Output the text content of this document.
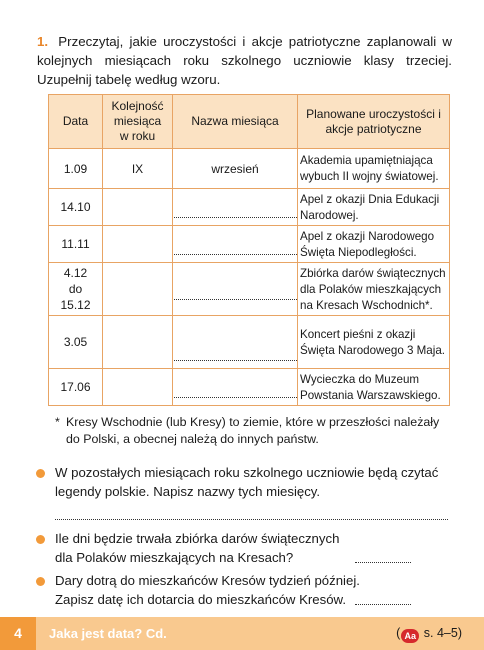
1. Przeczytaj, jakie uroczystości i akcje patriotyczne zaplanowali w kolejnych miesiącach roku szkolnego uczniowie klasy trzeciej. Uzupełnij tabelę według wzoru.
Data	Kolejność miesiąca w roku	Nazwa miesiąca	Planowane uroczystości i akcje patriotyczne
1.09	IX	wrzesień	Akademia upamiętniająca wybuch II wojny światowej.
14.10			Apel z okazji Dnia Edukacji Narodowej.
11.11			Apel z okazji Narodowego Święta Niepodległości.

4.12
do
15.12			Zbiórka darów świątecznych dla Polaków mieszkających na Kresach Wschodnich*.
3.05			Koncert pieśni z okazji Święta Narodowego 3 Maja.
17.06			Wycieczka do Muzeum Powstania Warszawskiego.
* Kresy Wschodnie (lub Kresy) to ziemie, które w przeszłości należały do Polski, a obecnej należą do innych państw.
W pozostałych miesiącach roku szkolnego uczniowie będą czytać
legendy polskie. Napisz nazwy tych miesięcy.
Ile dni będzie trwała zbiórka darów świątecznych
dla Polaków mieszkających na Kresach?
Dary dotrą do mieszkańców Kresów tydzień później.
Zapisz datę ich dotarcia do mieszkańców Kresów.
4	Jaka jest data? Cd.	( Aa s. 4–5)
